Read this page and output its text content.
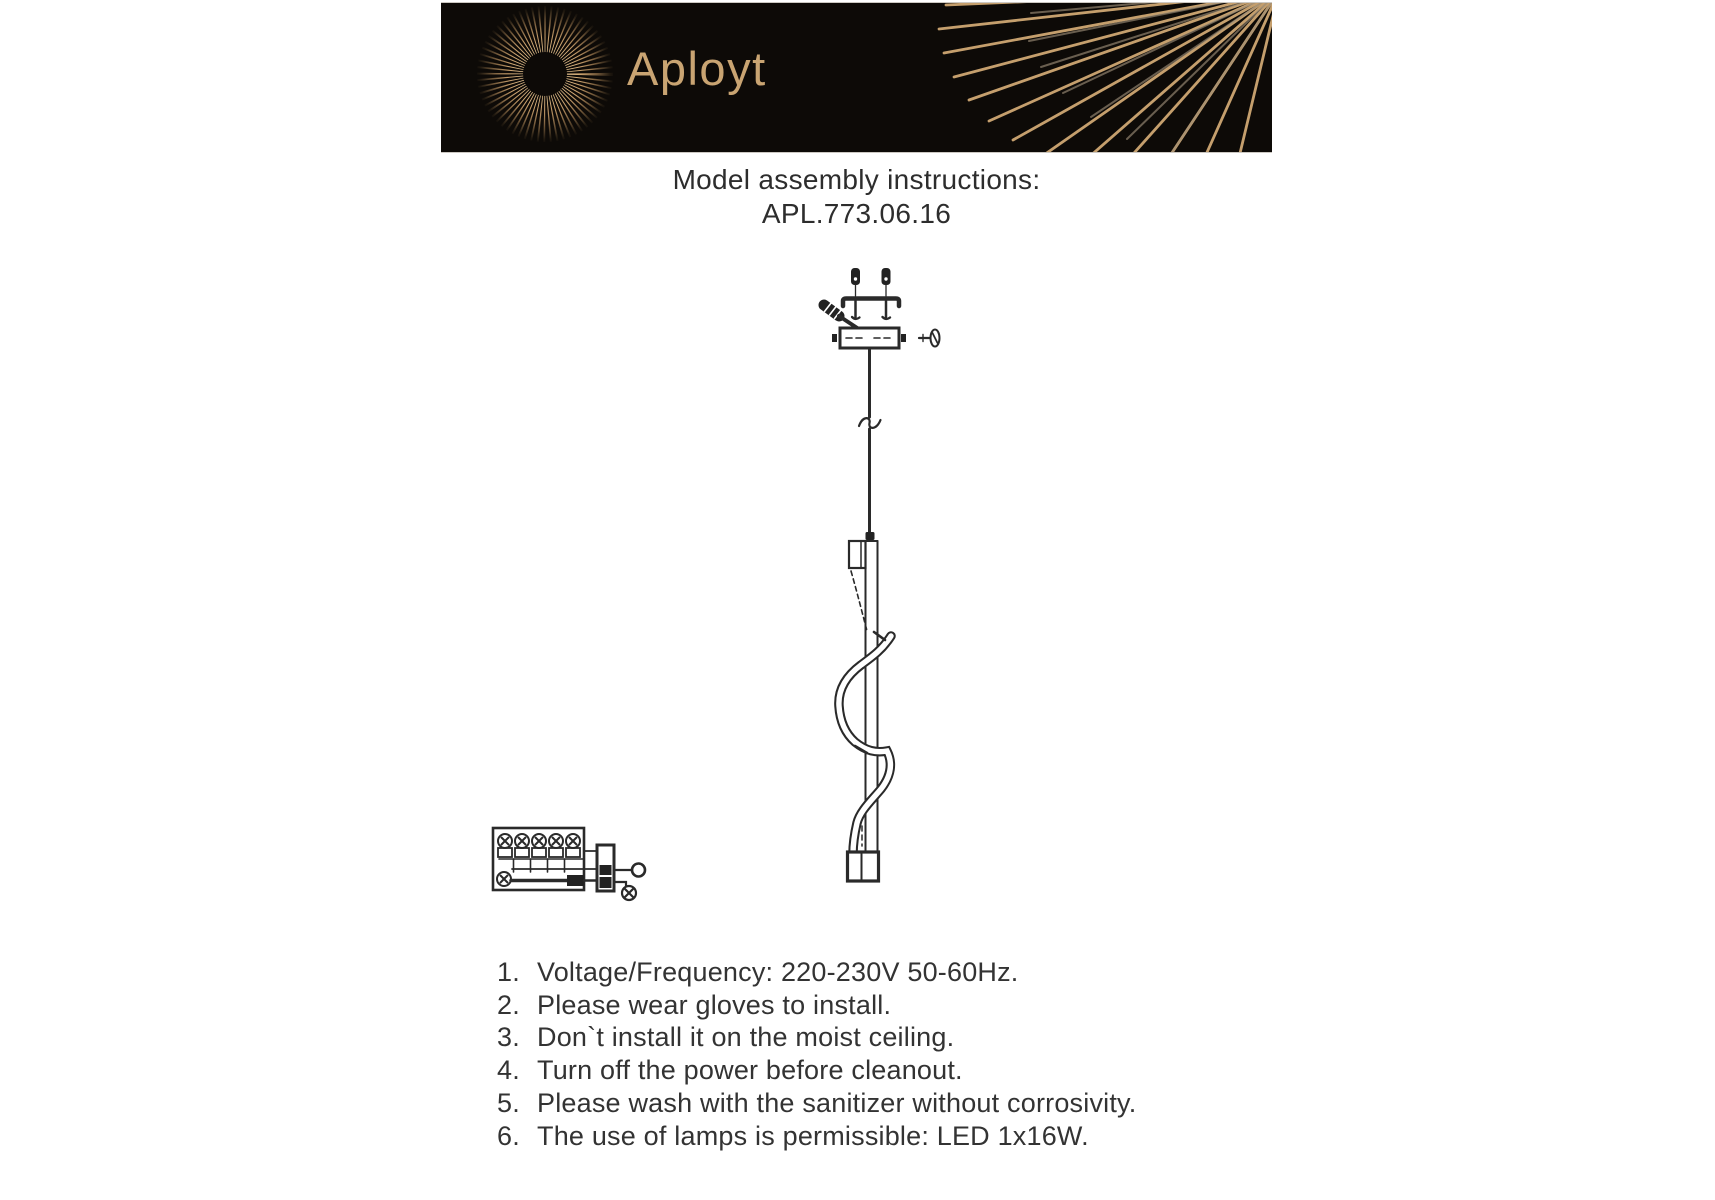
Aployt
Model assembly instructions:
APL.773.06.16
1. Voltage/Frequency: 220-230V 50-60Hz.
2. Please wear gloves to install.
3. Don`t install it on the moist ceiling.
4. Turn off the power before cleanout.
5. Please wash with the sanitizer without corrosivity.
6. The use of lamps is permissible: LED 1x16W.
